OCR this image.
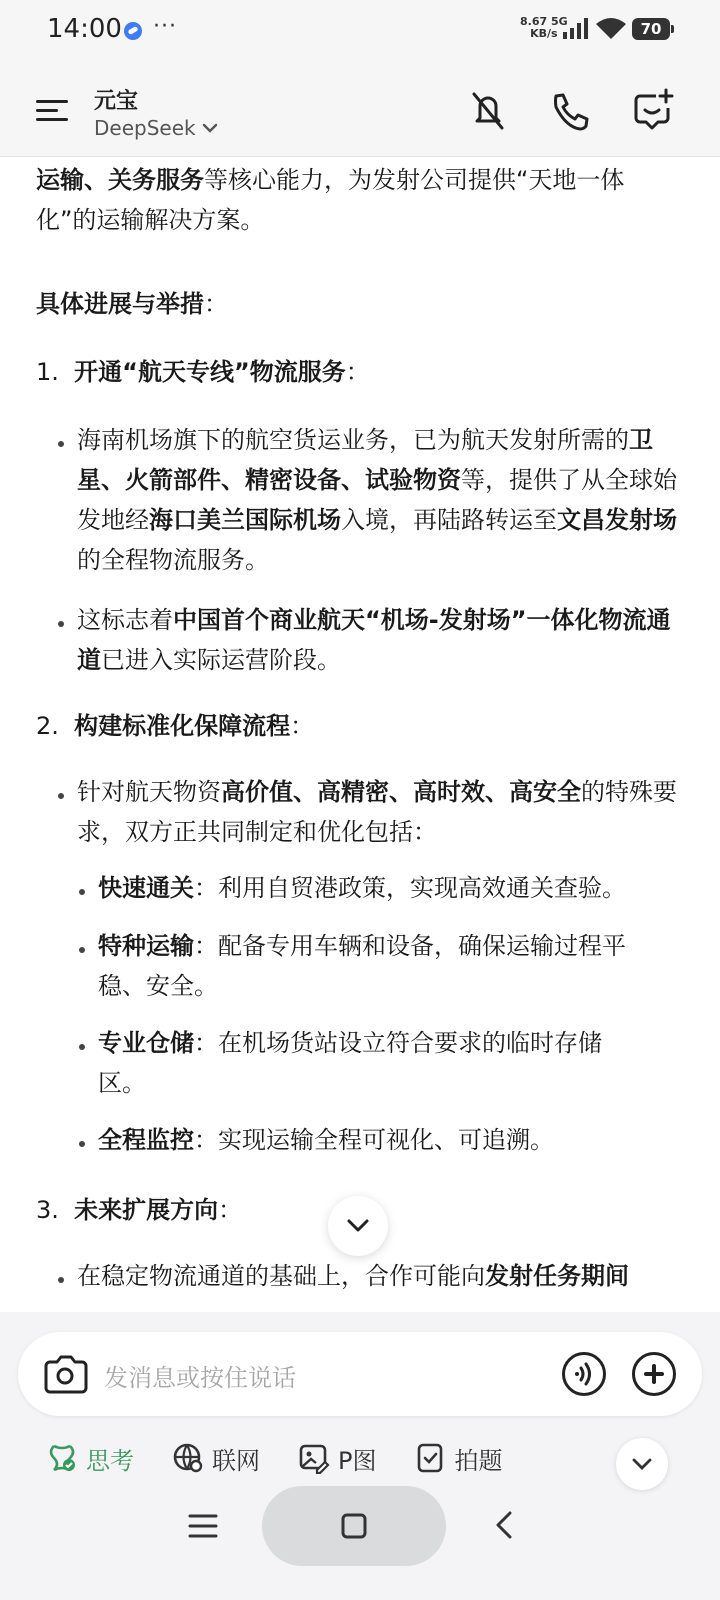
14:00 ···	8.67 5G
KB/s	70
元宝
DeepSeek
运输、关务服务等核心能力，为发射公司提供“天地一体化”的运输解决方案。
具体进展与举措：
1. 开通“航天专线”物流服务：
海南机场旗下的航空货运业务，已为航天发射所需的卫星、火箭部件、精密设备、试验物资等，提供了从全球始发地经海口美兰国际机场入境，再陆路转运至文昌发射场的全程物流服务。
这标志着中国首个商业航天“机场-发射场”一体化物流通道已进入实际运营阶段。
2. 构建标准化保障流程：
针对航天物资高价值、高精密、高时效、高安全的特殊要求，双方正共同制定和优化包括：
快速通关：利用自贸港政策，实现高效通关查验。
特种运输：配备专用车辆和设备，确保运输过程平稳、安全。
专业仓储：在机场货站设立符合要求的临时存储区。
全程监控：实现运输全程可视化、可追溯。
3. 未来扩展方向：
在稳定物流通道的基础上，合作可能向发射任务期间
发消息或按住说话
思考	联网	P图	拍题
